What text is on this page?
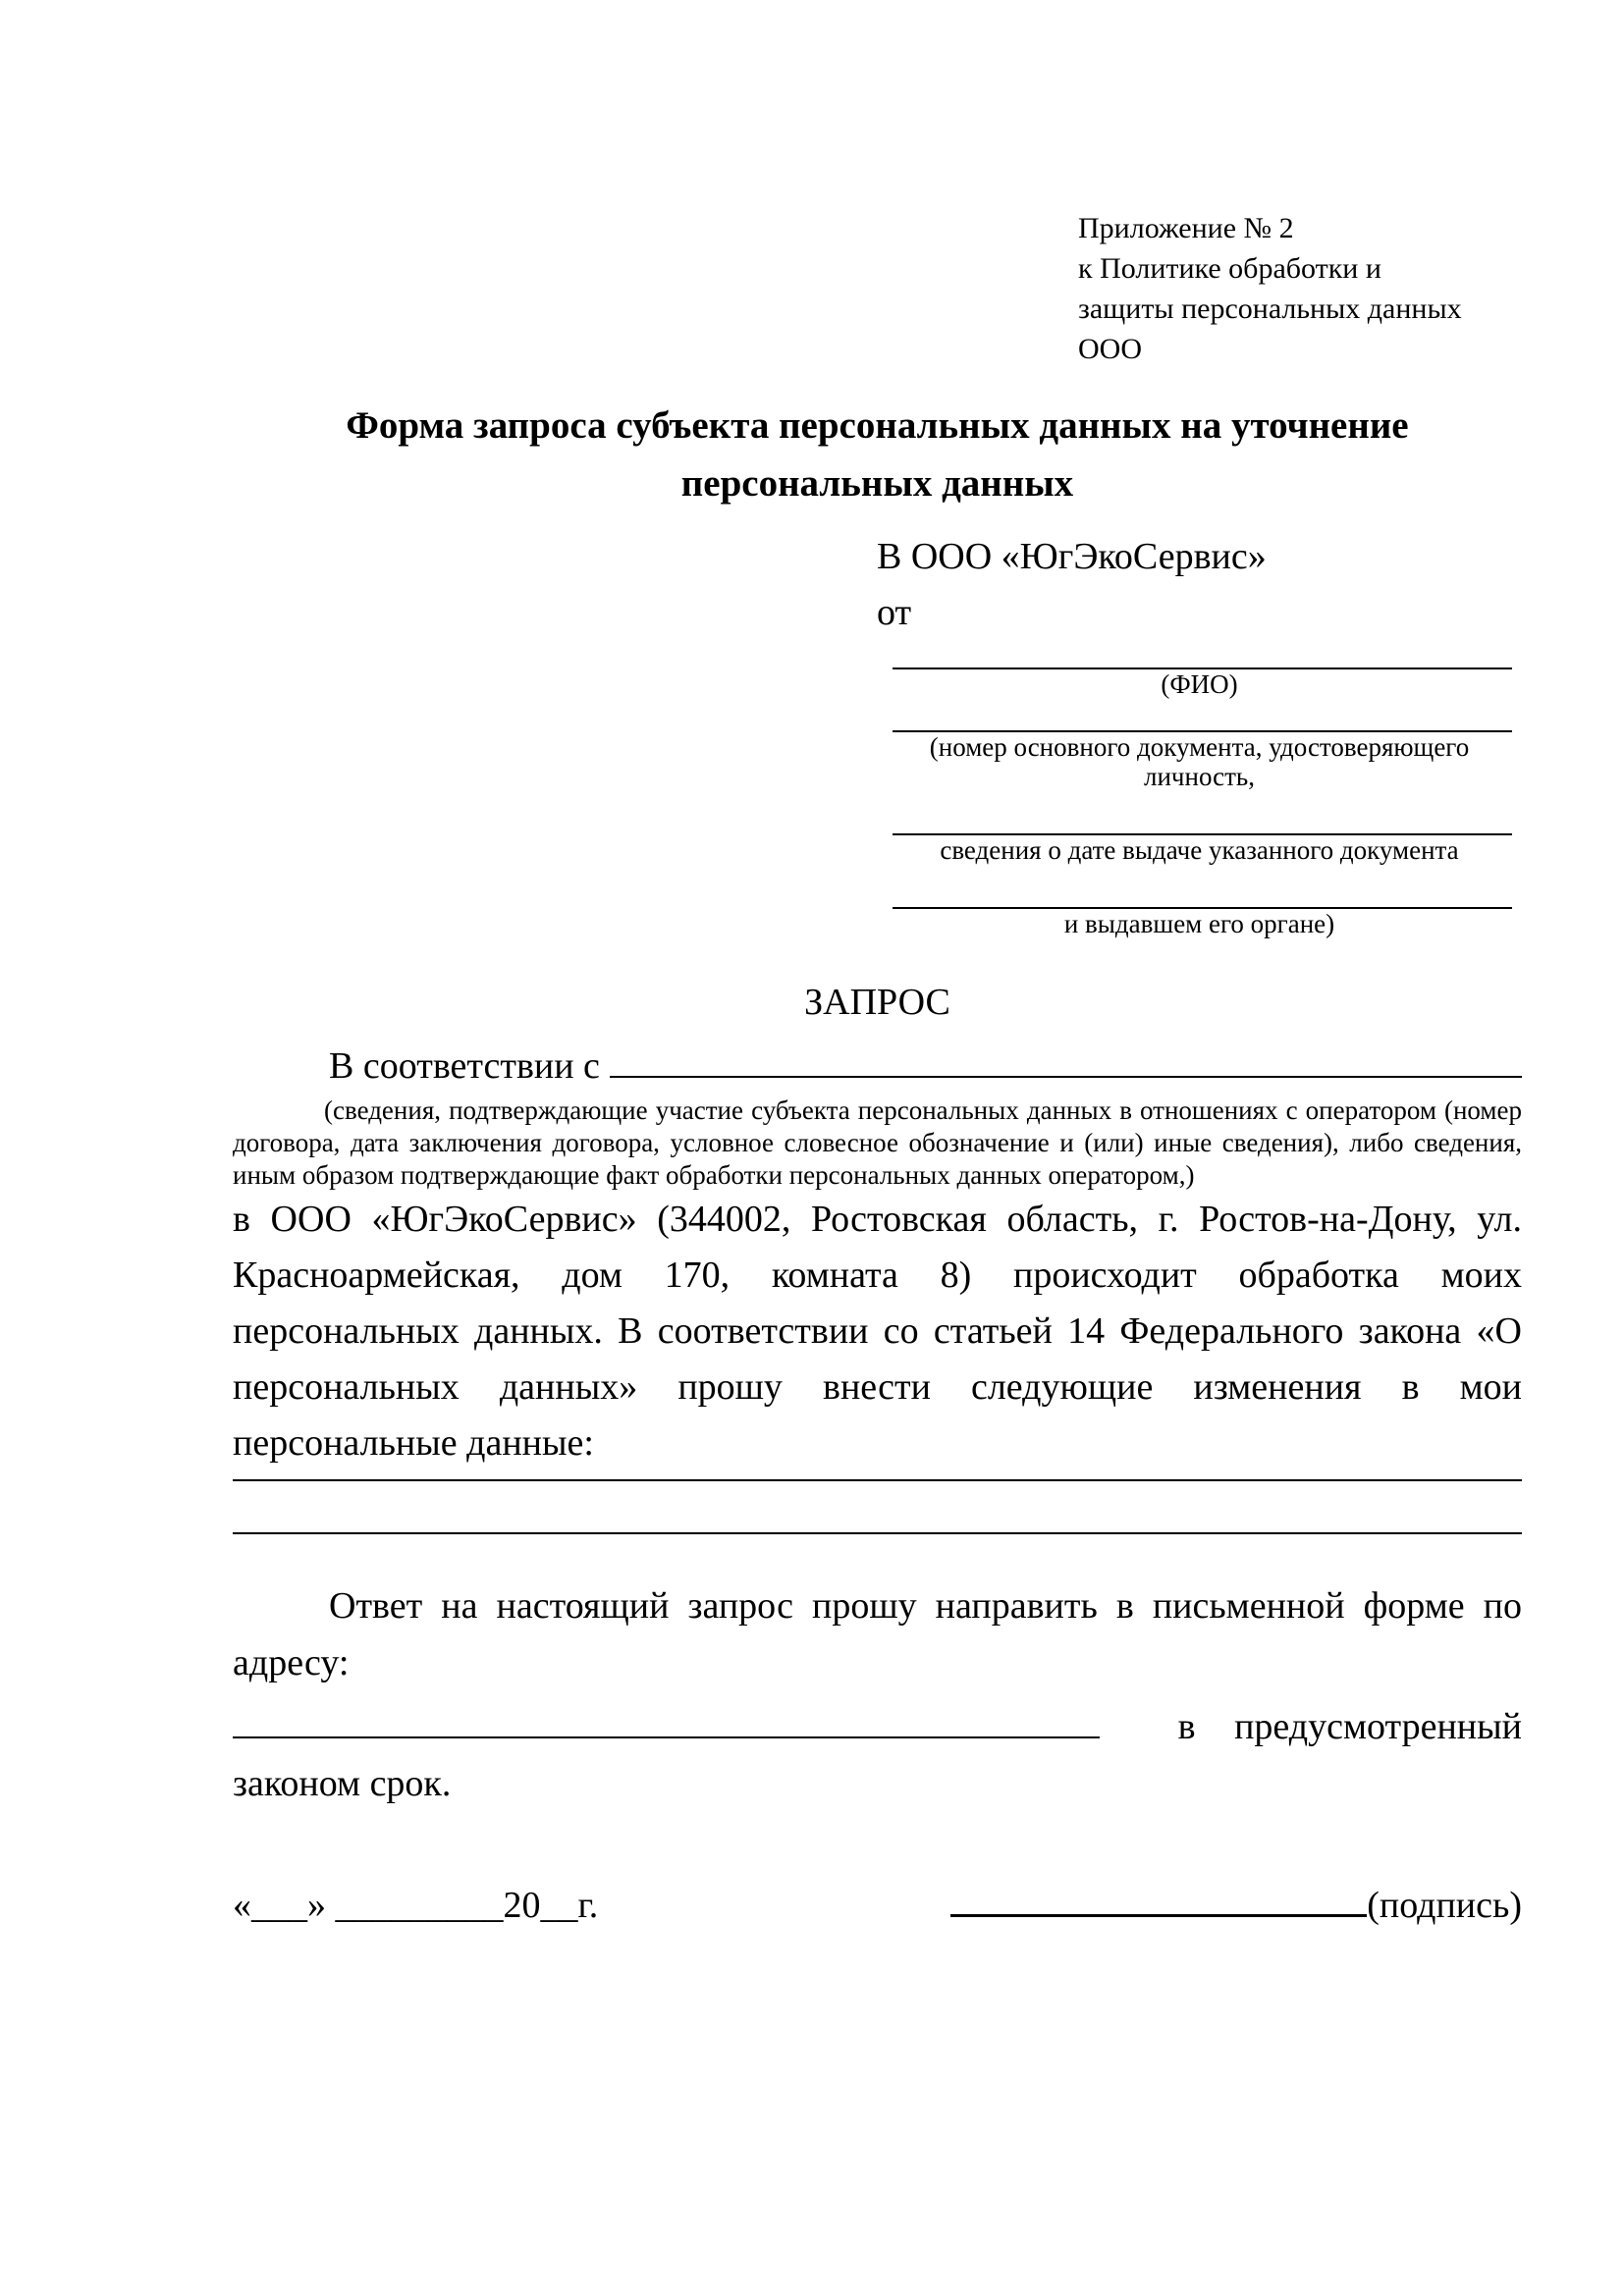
Приложение № 2
к Политике обработки и
защиты персональных данных
ООО
Форма запроса субъекта персональных данных на уточнение
персональных данных
В ООО «ЮгЭкоСервис»
от
(ФИО)
(номер основного документа, удостоверяющего личность,
сведения о дате выдаче указанного документа
и выдавшем его органе)
ЗАПРОС
В соответствии с
(сведения, подтверждающие участие субъекта персональных данных в отношениях с оператором (номер договора, дата заключения договора, условное словесное обозначение и (или) иные сведения), либо сведения, иным образом подтверждающие факт обработки персональных данных оператором,)
в ООО «ЮгЭкоСервис» (344002, Ростовская область, г. Ростов-на-Дону, ул. Красноармейская, дом 170, комната 8) происходит обработка моих персональных данных. В соответствии со статьей 14 Федерального закона «О персональных данных» прошу внести следующие изменения в мои персональные данные:
Ответ на настоящий запрос прошу направить в письменной форме по адресу:
в предусмотренный
законом срок.
«___» _________20__г.	(подпись)
